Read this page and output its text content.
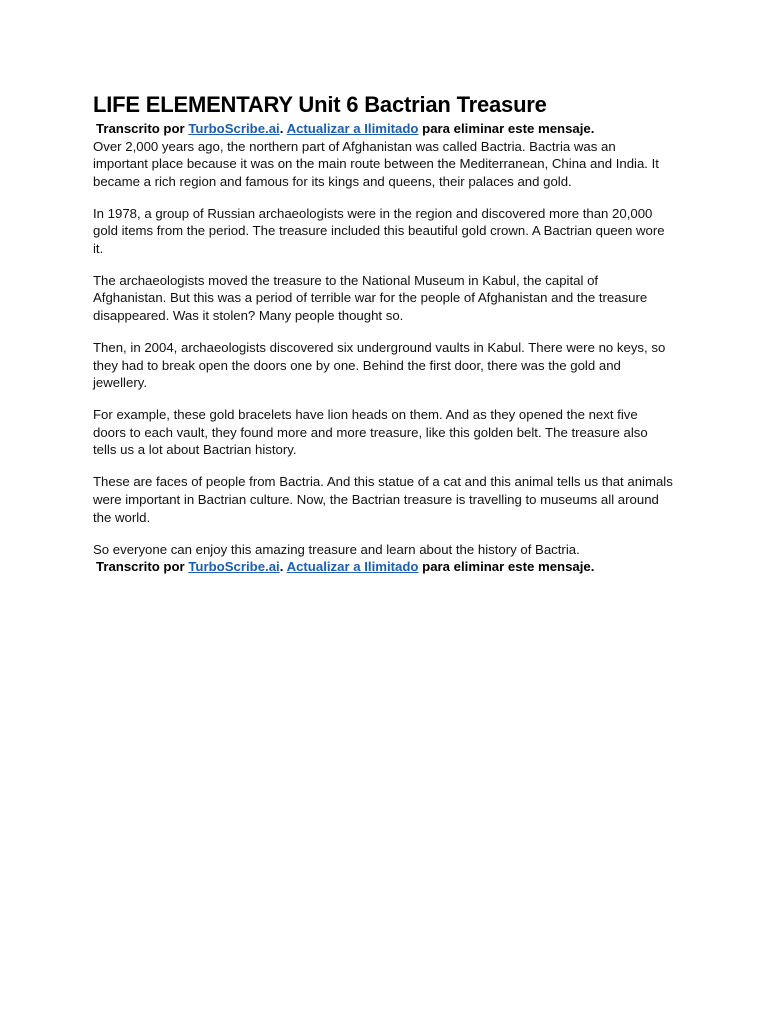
LIFE ELEMENTARY Unit 6 Bactrian Treasure
Transcrito por TurboScribe.ai. Actualizar a Ilimitado para eliminar este mensaje.

Over 2,000 years ago, the northern part of Afghanistan was called Bactria. Bactria was an important place because it was on the main route between the Mediterranean, China and India. It became a rich region and famous for its kings and queens, their palaces and gold.

In 1978, a group of Russian archaeologists were in the region and discovered more than 20,000 gold items from the period. The treasure included this beautiful gold crown. A Bactrian queen wore it.

The archaeologists moved the treasure to the National Museum in Kabul, the capital of Afghanistan. But this was a period of terrible war for the people of Afghanistan and the treasure disappeared. Was it stolen? Many people thought so.

Then, in 2004, archaeologists discovered six underground vaults in Kabul. There were no keys, so they had to break open the doors one by one. Behind the first door, there was the gold and jewellery.

For example, these gold bracelets have lion heads on them. And as they opened the next five doors to each vault, they found more and more treasure, like this golden belt. The treasure also tells us a lot about Bactrian history.

These are faces of people from Bactria. And this statue of a cat and this animal tells us that animals were important in Bactrian culture. Now, the Bactrian treasure is travelling to museums all around the world.

So everyone can enjoy this amazing treasure and learn about the history of Bactria.

Transcrito por TurboScribe.ai. Actualizar a Ilimitado para eliminar este mensaje.
